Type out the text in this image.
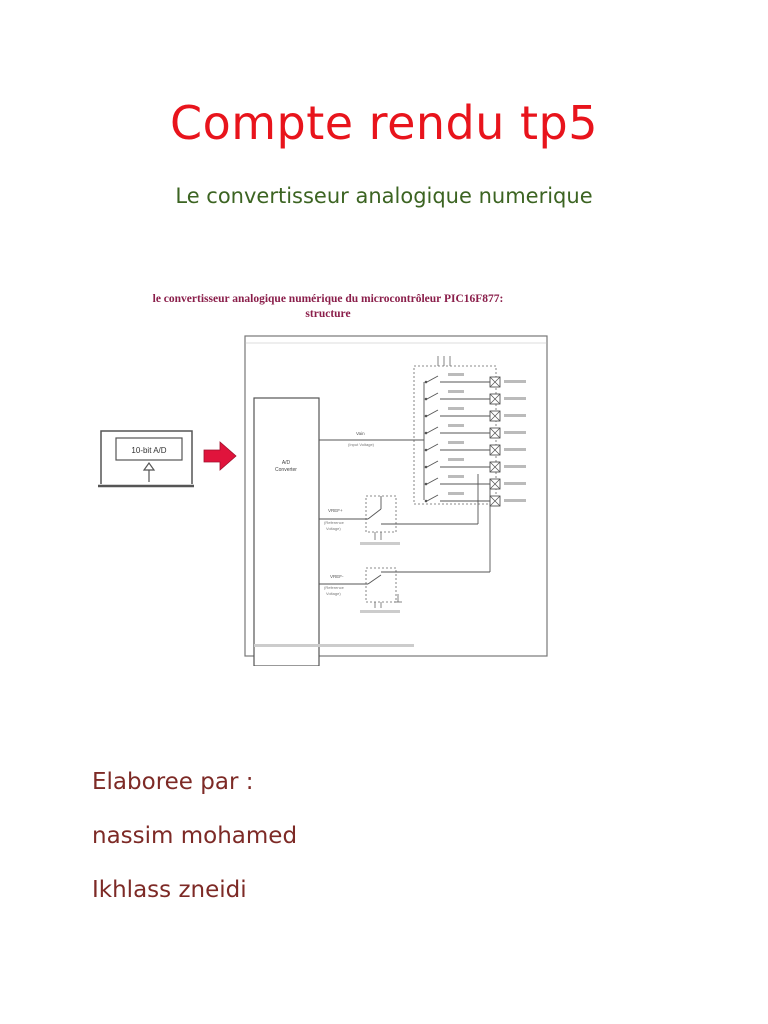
Compte rendu tp5
Le convertisseur analogique numerique
10-bit A/D
A/D
Converter
Vain
(Input Voltage)
VREF+
(Reference
Voltage)
VREF-
(Reference
Voltage)
le convertisseur analogique numérique du microcontrôleur PIC16F877:
structure
Elaboree par :
nassim mohamed
Ikhlass zneidi
